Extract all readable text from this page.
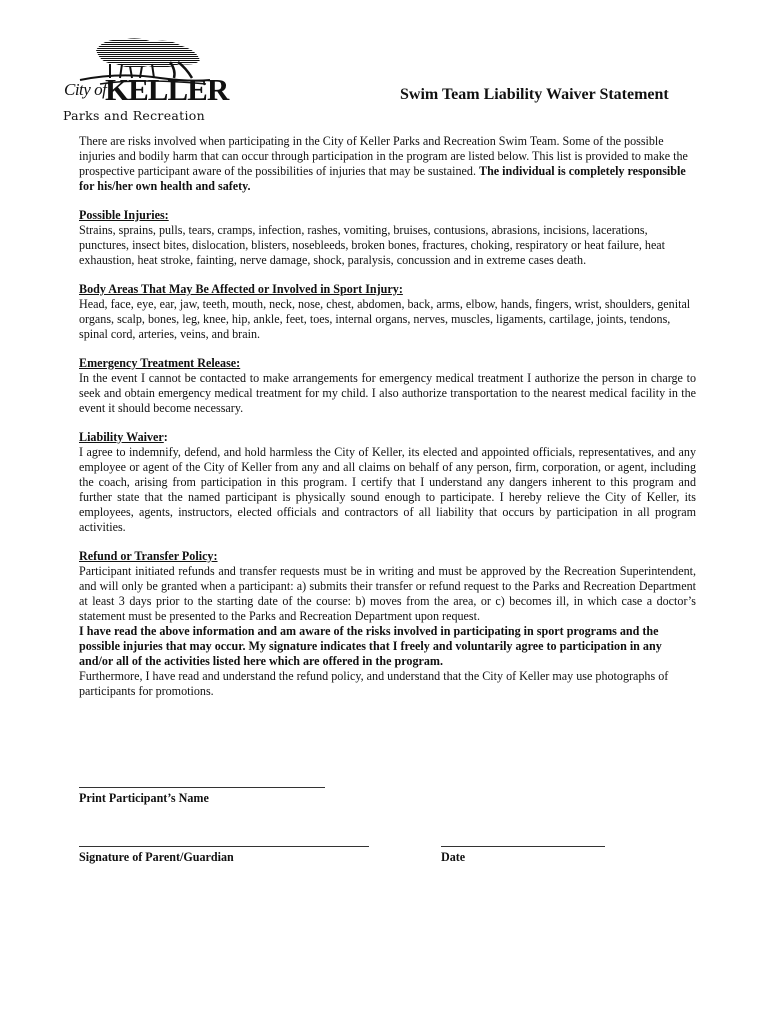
City of
KELLER
Parks and Recreation
Swim Team Liability Waiver Statement

There are risks involved when participating in the City of Keller Parks and Recreation Swim Team. Some of the possible injuries and bodily harm that can occur through participation in the program are listed below. This list is provided to make the prospective participant aware of the possibilities of injuries that may be sustained. The individual is completely responsible for his/her own health and safety.

Possible Injuries:

Strains, sprains, pulls, tears, cramps, infection, rashes, vomiting, bruises, contusions, abrasions, incisions, lacerations, punctures, insect bites, dislocation, blisters, nosebleeds, broken bones, fractures, choking, respiratory or heat failure, heat exhaustion, heat stroke, fainting, nerve damage, shock, paralysis, concussion and in extreme cases death.

Body Areas That May Be Affected or Involved in Sport Injury:

Head, face, eye, ear, jaw, teeth, mouth, neck, nose, chest, abdomen, back, arms, elbow, hands, fingers, wrist, shoulders, genital organs, scalp, bones, leg, knee, hip, ankle, feet, toes, internal organs, nerves, muscles, ligaments, cartilage, joints, tendons, spinal cord, arteries, veins, and brain.

Emergency Treatment Release:

In the event I cannot be contacted to make arrangements for emergency medical treatment I authorize the person in charge to seek and obtain emergency medical treatment for my child. I also authorize transportation to the nearest medical facility in the event it should become necessary.

Liability Waiver:

I agree to indemnify, defend, and hold harmless the City of Keller, its elected and appointed officials, representatives, and any employee or agent of the City of Keller from any and all claims on behalf of any person, firm, corporation, or agent, including the coach, arising from participation in this program. I certify that I understand any dangers inherent to this program and further state that the named participant is physically sound enough to participate. I hereby relieve the City of Keller, its employees, agents, instructors, elected officials and contractors of all liability that occurs by participation in all program activities.

Refund or Transfer Policy:

Participant initiated refunds and transfer requests must be in writing and must be approved by the Recreation Superintendent, and will only be granted when a participant: a) submits their transfer or refund request to the Parks and Recreation Department at least 3 days prior to the starting date of the course: b) moves from the area, or c) becomes ill, in which case a doctor’s statement must be presented to the Parks and Recreation Department upon request.

I have read the above information and am aware of the risks involved in participating in sport programs and the possible injuries that may occur. My signature indicates that I freely and voluntarily agree to participation in any and/or all of the activities listed here which are offered in the program.

Furthermore, I have read and understand the refund policy, and understand that the City of Keller may use photographs of participants for promotions.

Print Participant’s Name
Signature of Parent/Guardian	Date
